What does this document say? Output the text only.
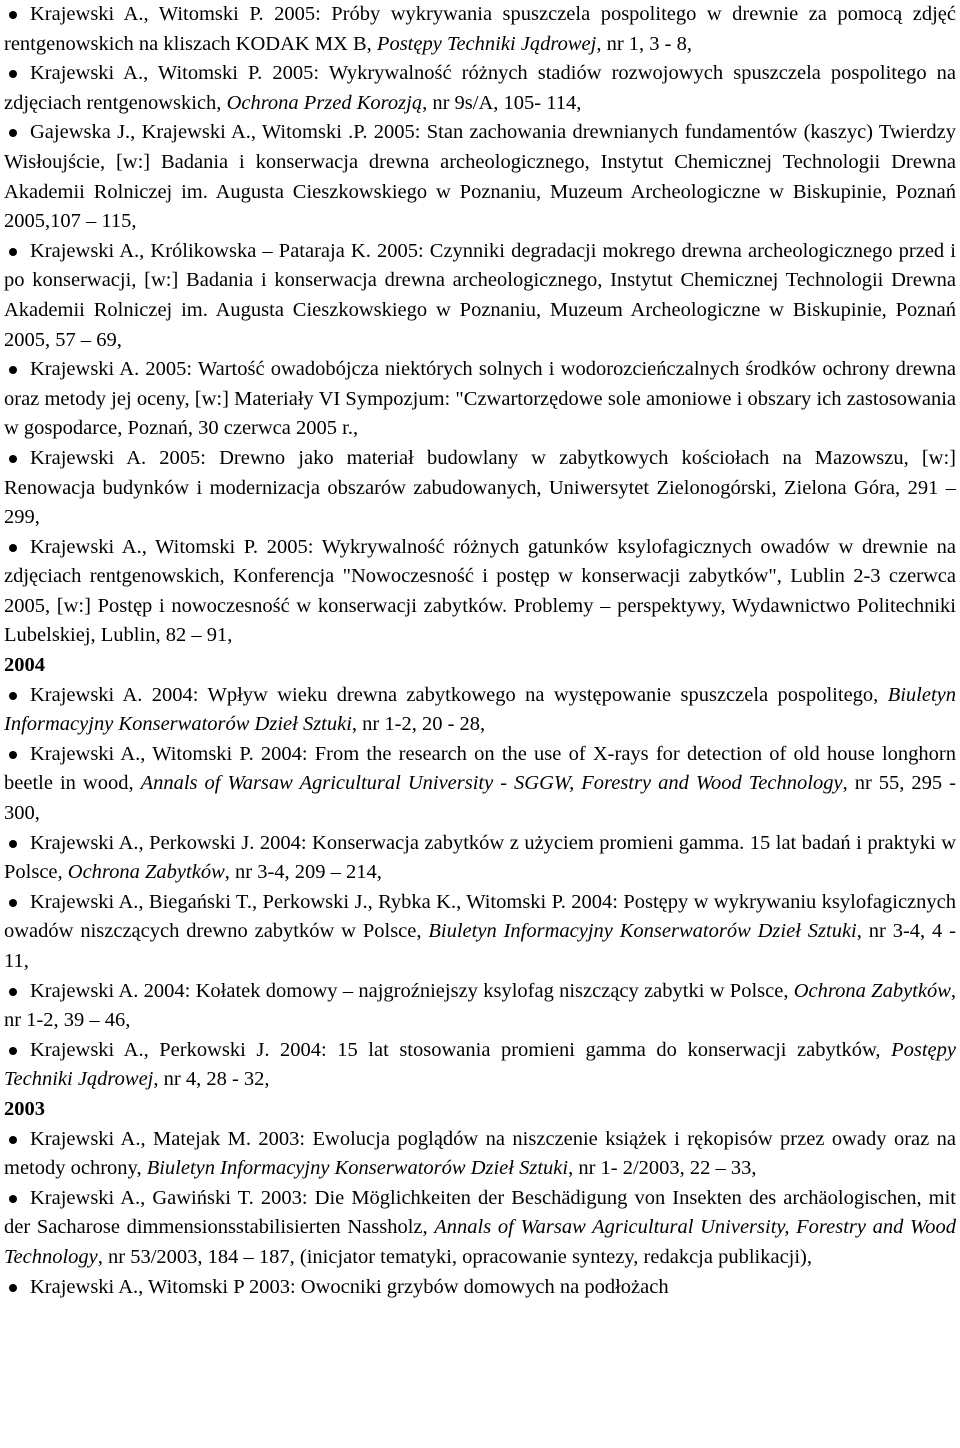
Krajewski A., Witomski P. 2005: Próby wykrywania spuszczela pospolitego w drewnie za pomocą zdjęć rentgenowskich na kliszach KODAK MX B, Postępy Techniki Jądrowej, nr 1, 3 - 8,
Krajewski A., Witomski P. 2005: Wykrywalność różnych stadiów rozwojowych spuszczela pospolitego na zdjęciach rentgenowskich, Ochrona Przed Korozją, nr 9s/A, 105- 114,
Gajewska J., Krajewski A., Witomski .P. 2005: Stan zachowania drewnianych fundamentów (kaszyc) Twierdzy Wisłoujście, [w:] Badania i konserwacja drewna archeologicznego, Instytut Chemicznej Technologii Drewna Akademii Rolniczej im. Augusta Cieszkowskiego w Poznaniu, Muzeum Archeologiczne w Biskupinie, Poznań 2005,107 – 115,
Krajewski A., Królikowska – Pataraja K. 2005: Czynniki degradacji mokrego drewna archeologicznego przed i po konserwacji, [w:] Badania i konserwacja drewna archeologicznego, Instytut Chemicznej Technologii Drewna Akademii Rolniczej im. Augusta Cieszkowskiego w Poznaniu, Muzeum Archeologiczne w Biskupinie, Poznań 2005, 57 – 69,
Krajewski A. 2005: Wartość owadobójcza niektórych solnych i wodorozcieńczalnych środków ochrony drewna oraz metody jej oceny, [w:] Materiały VI Sympozjum: "Czwartorzędowe sole amoniowe i obszary ich zastosowania w gospodarce, Poznań, 30 czerwca 2005 r.,
Krajewski A. 2005: Drewno jako materiał budowlany w zabytkowych kościołach na Mazowszu, [w:] Renowacja budynków i modernizacja obszarów zabudowanych, Uniwersytet Zielonogórski, Zielona Góra, 291 – 299,
Krajewski A., Witomski P. 2005: Wykrywalność różnych gatunków ksylofagicznych owadów w drewnie na zdjęciach rentgenowskich, Konferencja "Nowoczesność i postęp w konserwacji zabytków", Lublin 2-3 czerwca 2005, [w:] Postęp i nowoczesność w konserwacji zabytków. Problemy – perspektywy, Wydawnictwo Politechniki Lubelskiej, Lublin, 82 – 91,
2004
Krajewski A. 2004: Wpływ wieku drewna zabytkowego na występowanie spuszczela pospolitego, Biuletyn Informacyjny Konserwatorów Dzieł Sztuki, nr 1-2, 20 - 28,
Krajewski A., Witomski P. 2004: From the research on the use of X-rays for detection of old house longhorn beetle in wood, Annals of Warsaw Agricultural University - SGGW, Forestry and Wood Technology, nr 55, 295 - 300,
Krajewski A., Perkowski J. 2004: Konserwacja zabytków z użyciem promieni gamma. 15 lat badań i praktyki w Polsce, Ochrona Zabytków, nr 3-4, 209 – 214,
Krajewski A., Biegański T., Perkowski J., Rybka K., Witomski P. 2004: Postępy w wykrywaniu ksylofagicznych owadów niszczących drewno zabytków w Polsce, Biuletyn Informacyjny Konserwatorów Dzieł Sztuki, nr 3-4, 4 - 11,
Krajewski A. 2004: Kołatek domowy – najgroźniejszy ksylofag niszczący zabytki w Polsce, Ochrona Zabytków, nr 1-2, 39 – 46,
Krajewski A., Perkowski J. 2004: 15 lat stosowania promieni gamma do konserwacji zabytków, Postępy Techniki Jądrowej, nr 4, 28 - 32,
2003
Krajewski A., Matejak M. 2003: Ewolucja poglądów na niszczenie książek i rękopisów przez owady oraz na metody ochrony, Biuletyn Informacyjny Konserwatorów Dzieł Sztuki, nr 1- 2/2003, 22 – 33,
Krajewski A., Gawiński T. 2003: Die Möglichkeiten der Beschädigung von Insekten des archäologischen, mit der Sacharose dimmensionsstabilisierten Nassholz, Annals of Warsaw Agricultural University, Forestry and Wood Technology, nr 53/2003, 184 – 187, (inicjator tematyki, opracowanie syntezy, redakcja publikacji),
Krajewski A., Witomski P 2003: Owocniki grzybów domowych na podłożach
